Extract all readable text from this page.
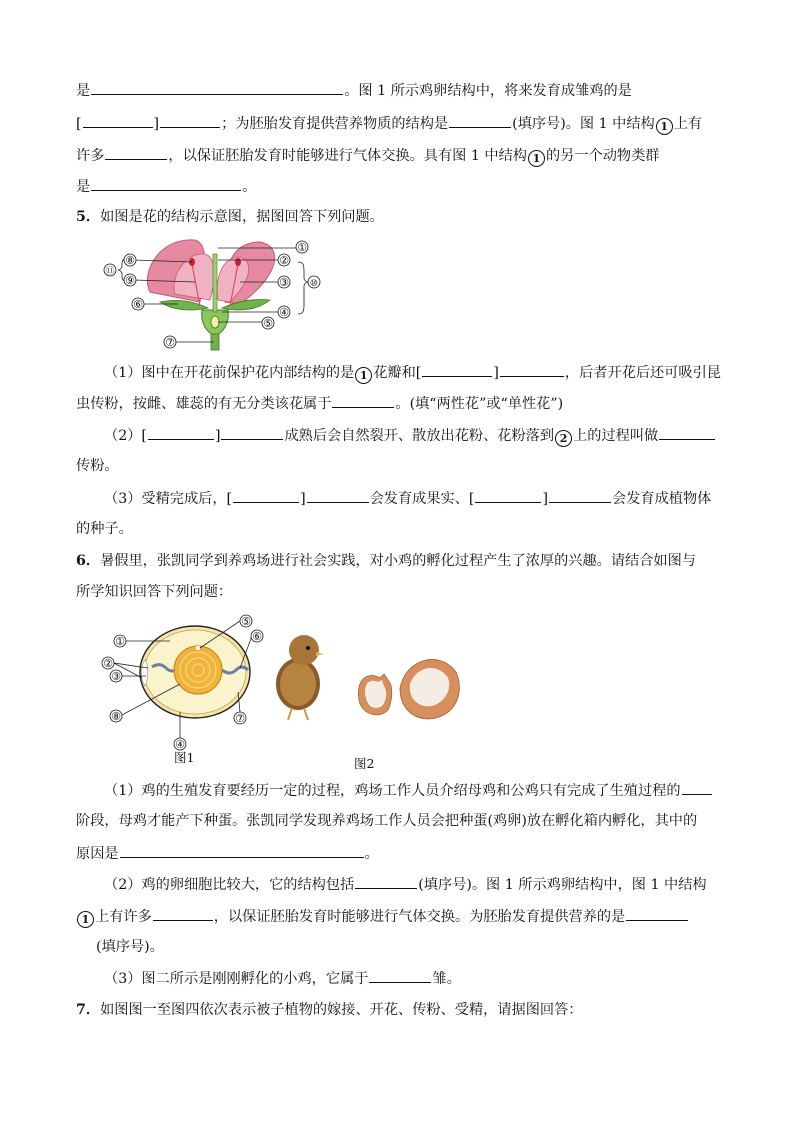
是	。图 1 所示鸡卵结构中，将来发育成雏鸡的是
[	]	；为胚胎发育提供营养物质的结构是	(填序号)。图 1 中结构 1 上有
许多	，以保证胚胎发育时能够进行气体交换。具有图 1 中结构 1 的另一个动物类群
是	。
5．如图是花的结构示意图，据图回答下列问题。
①
②
③
④
⑤
⑥
⑦
⑧
⑨	⑩
⑪
（1）图中在开花前保护花内部结构的是 1 花瓣和[	]	，后者开花后还可吸引昆
虫传粉，按雌、雄蕊的有无分类该花属于	。(填“两性花”或“单性花”)
（2）[	]	成熟后会自然裂开、散放出花粉、花粉落到 2 上的过程叫做
传粉。
（3）受精完成后，[	]	会发育成果实、[	]	会发育成植物体
的种子。
6．暑假里，张凯同学到养鸡场进行社会实践，对小鸡的孵化过程产生了浓厚的兴趣。请结合如图与
所学知识回答下列问题：
①
②
③
④
⑤
⑥
⑦
⑧
图1	图2
（1）鸡的生殖发育要经历一定的过程，鸡场工作人员介绍母鸡和公鸡只有完成了生殖过程的
阶段，母鸡才能产下种蛋。张凯同学发现养鸡场工作人员会把种蛋(鸡卵)放在孵化箱内孵化，其中的
原因是	。
（2）鸡的卵细胞比较大，它的结构包括	(填序号)。图 1 所示鸡卵结构中，图 1 中结构
1 上有许多	，以保证胚胎发育时能够进行气体交换。为胚胎发育提供营养的是
(填序号)。
（3）图二所示是刚刚孵化的小鸡，它属于	雏。
7．如图图一至图四依次表示被子植物的嫁接、开花、传粉、受精，请据图回答：
